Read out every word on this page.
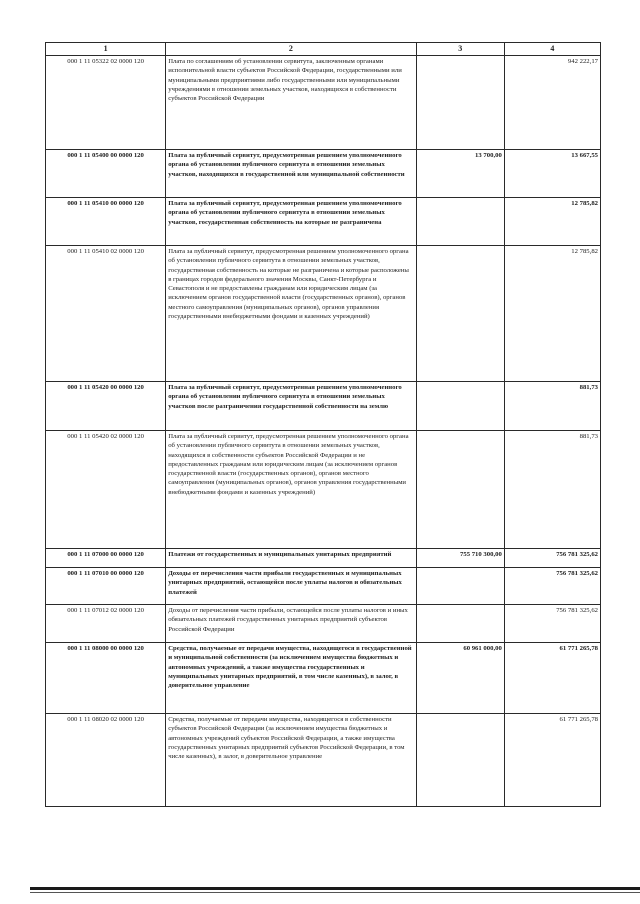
1	2	3	4
000 1 11 05322 02 0000 120	Плата по соглашениям об установлении сервитута, заключенным органами исполнительной власти субъектов Российской Федерации, государственными или муниципальными предприятиями либо государственными или муниципальными учреждениями в отношении земельных участков, находящихся в собственности субъектов Российской Федерации		942 222,17
000 1 11 05400 00 0000 120	Плата за публичный сервитут, предусмотренная решением уполномоченного органа об установлении публичного сервитута в отношении земельных участков, находящихся в государственной или муниципальной собственности	13 700,00	13 667,55
000 1 11 05410 00 0000 120	Плата за публичный сервитут, предусмотренная решением уполномоченного органа об установлении публичного сервитута в отношении земельных участков, государственная собственность на которые не разграничена		12 785,82
000 1 11 05410 02 0000 120	Плата за публичный сервитут, предусмотренная решением уполномоченного органа об установлении публичного сервитута в отношении земельных участков, государственная собственность на которые не разграничена и которые расположены в границах городов федерального значения Москвы, Санкт-Петербурга и Севастополя и не предоставлены гражданам или юридическим лицам (за исключением органов государственной власти (государственных органов), органов местного самоуправления (муниципальных органов), органов управления государственными внебюджетными фондами и казенных учреждений)		12 785,82
000 1 11 05420 00 0000 120	Плата за публичный сервитут, предусмотренная решением уполномоченного органа об установлении публичного сервитута в отношении земельных участков после разграничения государственной собственности на землю		881,73
000 1 11 05420 02 0000 120	Плата за публичный сервитут, предусмотренная решением уполномоченного органа об установлении публичного сервитута в отношении земельных участков, находящихся в собственности субъектов Российской Федерации и не предоставленных гражданам или юридическим лицам (за исключением органов государственной власти (государственных органов), органов местного самоуправления (муниципальных органов), органов управления государственными внебюджетными фондами и казенных учреждений)		881,73
000 1 11 07000 00 0000 120	Платежи от государственных и муниципальных унитарных предприятий	755 710 300,00	756 781 325,62
000 1 11 07010 00 0000 120	Доходы от перечисления части прибыли государственных и муниципальных унитарных предприятий, остающейся после уплаты налогов и обязательных платежей		756 781 325,62
000 1 11 07012 02 0000 120	Доходы от перечисления части прибыли, остающейся после уплаты налогов и иных обязательных платежей государственных унитарных предприятий субъектов Российской Федерации		756 781 325,62
000 1 11 08000 00 0000 120	Средства, получаемые от передачи имущества, находящегося в государственной и муниципальной собственности (за исключением имущества бюджетных и автономных учреждений, а также имущества государственных и муниципальных унитарных предприятий, в том числе казенных), в залог, в доверительное управление	60 961 000,00	61 771 265,78
000 1 11 08020 02 0000 120	Средства, получаемые от передачи имущества, находящегося в собственности субъектов Российской Федерации (за исключением имущества бюджетных и автономных учреждений субъектов Российской Федерации, а также имущества государственных унитарных предприятий субъектов Российской Федерации, в том числе казенных), в залог, в доверительное управление		61 771 265,78
